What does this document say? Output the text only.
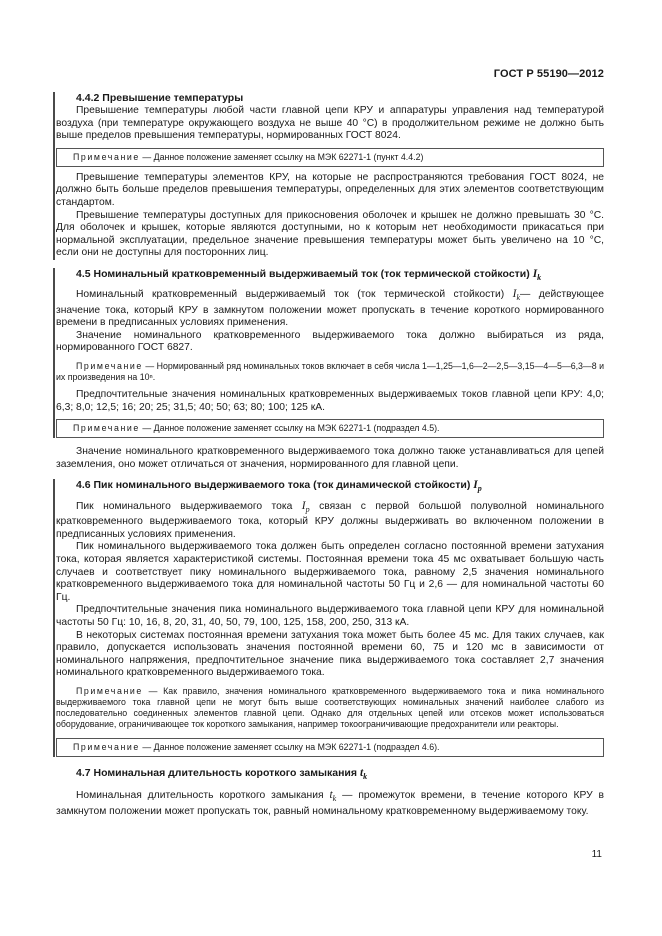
ГОСТ Р 55190—2012
4.4.2 Превышение температуры

Превышение температуры любой части главной цепи КРУ и аппаратуры управления над температурой воздуха (при температуре окружающего воздуха не выше 40 °С) в продолжительном режиме не должно быть выше пределов превышения температуры, нормированных ГОСТ 8024.

Примечание — Данное положение заменяет ссылку на МЭК 62271-1 (пункт 4.4.2)

Превышение температуры элементов КРУ, на которые не распространяются требования ГОСТ 8024, не должно быть больше пределов превышения температуры, определенных для этих элементов соответствующим стандартом.

Превышение температуры доступных для прикосновения оболочек и крышек не должно превышать 30 °С. Для оболочек и крышек, которые являются доступными, но к которым нет необходимости прикасаться при нормальной эксплуатации, предельное значение превышения температуры может быть увеличено на 10 °С, если они не доступны для посторонних лиц.

4.5 Номинальный кратковременный выдерживаемый ток (ток термической стойкости) $I_k$

Номинальный кратковременный выдерживаемый ток (ток термической стойкости) $I_k—$ действующее значение тока, который КРУ в замкнутом положении может пропускать в течение короткого нормированного времени в предписанных условиях применения.

Значение номинального кратковременного выдерживаемого тока должно выбираться из ряда, нормированного ГОСТ 6827.

Примечание — Нормированный ряд номинальных токов включает в себя числа 1—1,25—1,6—2—2,5—3,15—4—5—6,3—8 и их произведения на 10ⁿ.

Предпочтительные значения номинальных кратковременных выдерживаемых токов главной цепи КРУ: 4,0; 6,3; 8,0; 12,5; 16; 20; 25; 31,5; 40; 50; 63; 80; 100; 125 кА.

Примечание — Данное положение заменяет ссылку на МЭК 62271-1 (подраздел 4.5).

Значение номинального кратковременного выдерживаемого тока должно также устанавливаться для цепей заземления, оно может отличаться от значения, нормированного для главной цепи.

4.6 Пик номинального выдерживаемого тока (ток динамической стойкости) $I_p$

Пик номинального выдерживаемого тока $I_p$ связан с первой большой полуволной номинального кратковременного выдерживаемого тока, который КРУ должны выдерживать во включенном положении в предписанных условиях применения.

Пик номинального выдерживаемого тока должен быть определен согласно постоянной времени затухания тока, которая является характеристикой системы. Постоянная времени тока 45 мс охватывает большую часть случаев и соответствует пику номинального выдерживаемого тока, равному 2,5 значения номинального кратковременного выдерживаемого тока для номинальной частоты 50 Гц и 2,6 — для номинальной частоты 60 Гц.

Предпочтительные значения пика номинального выдерживаемого тока главной цепи КРУ для номинальной частоты 50 Гц: 10, 16, 8, 20, 31, 40, 50, 79, 100, 125, 158, 200, 250, 313 кА.

В некоторых системах постоянная времени затухания тока может быть более 45 мс. Для таких случаев, как правило, допускается использовать значения постоянной времени 60, 75 и 120 мс в зависимости от номинального напряжения, предпочтительное значение пика выдерживаемого тока составляет 2,7 значения номинального кратковременного выдерживаемого тока.

Примечание — Как правило, значения номинального кратковременного выдерживаемого тока и пика номинального выдерживаемого тока главной цепи не могут быть выше соответствующих номинальных значений наиболее слабого из последовательно соединенных элементов главной цепи. Однако для отдельных цепей или отсеков может использоваться оборудование, ограничивающее ток короткого замыкания, например токоограничивающие предохранители или реакторы.

Примечание — Данное положение заменяет ссылку на МЭК 62271-1 (подраздел 4.6).
4.7 Номинальная длительность короткого замыкания $t_k$

Номинальная длительность короткого замыкания $t_k$ — промежуток времени, в течение которого КРУ в замкнутом положении может пропускать ток, равный номинальному кратковременному выдерживаемому току.

11
